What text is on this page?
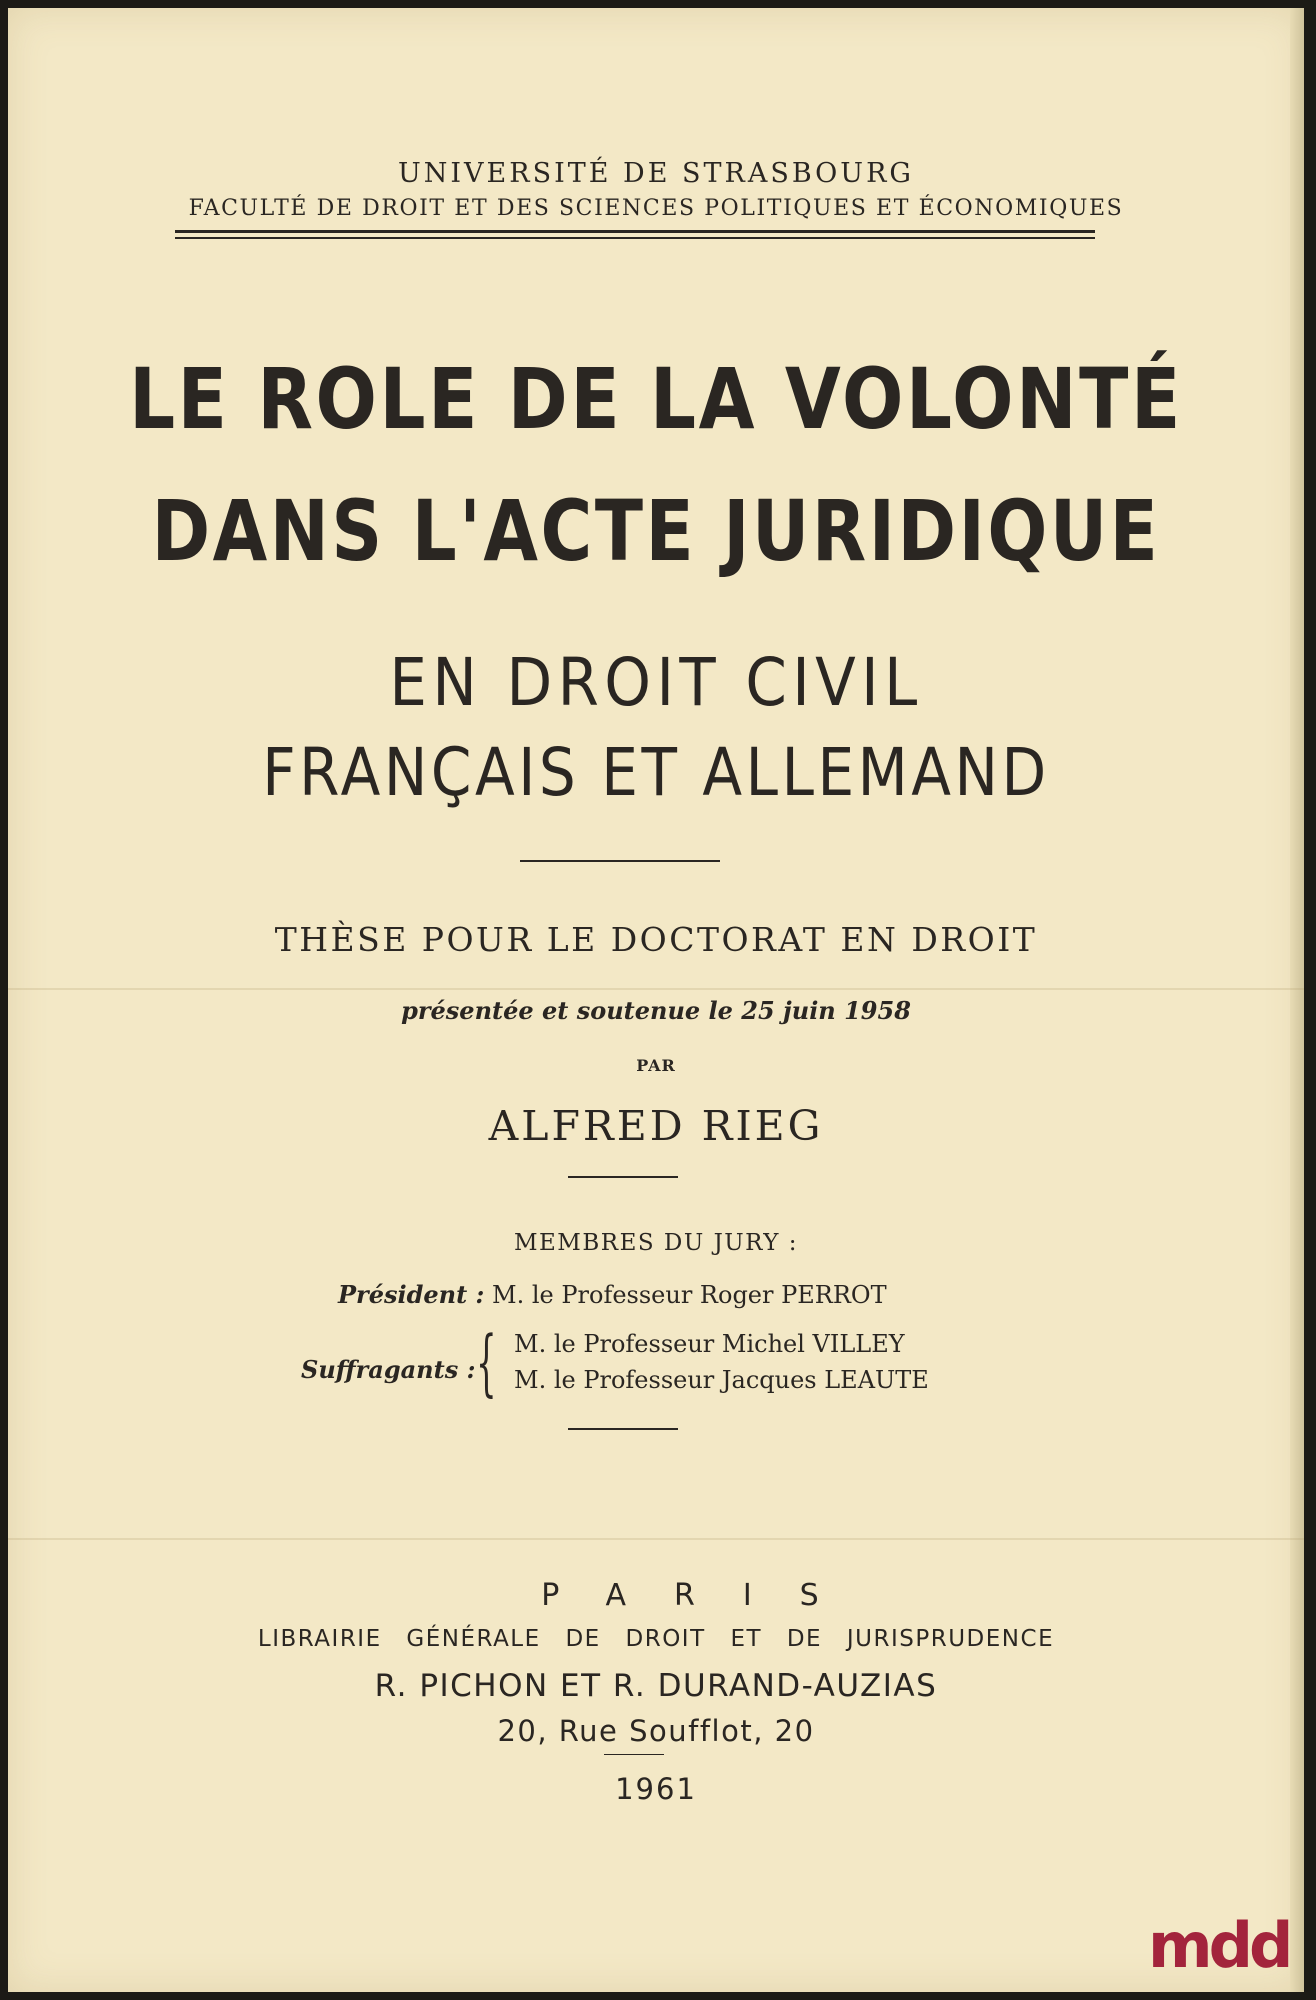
UNIVERSITÉ DE STRASBOURG
FACULTÉ DE DROIT ET DES SCIENCES POLITIQUES ET ÉCONOMIQUES
LE ROLE DE LA VOLONTÉ
DANS L'ACTE JURIDIQUE
EN DROIT CIVIL
FRANÇAIS ET ALLEMAND
THÈSE POUR LE DOCTORAT EN DROIT
présentée et soutenue le 25 juin 1958
PAR
ALFRED RIEG
MEMBRES DU JURY :
Président : M. le Professeur Roger PERROT
Suffragants : { M. le Professeur Michel VILLEY
M. le Professeur Jacques LEAUTE
PARIS
LIBRAIRIE GÉNÉRALE DE DROIT ET DE JURISPRUDENCE
R. PICHON ET R. DURAND-AUZIAS
20, Rue Soufflot, 20
1961
mdd
